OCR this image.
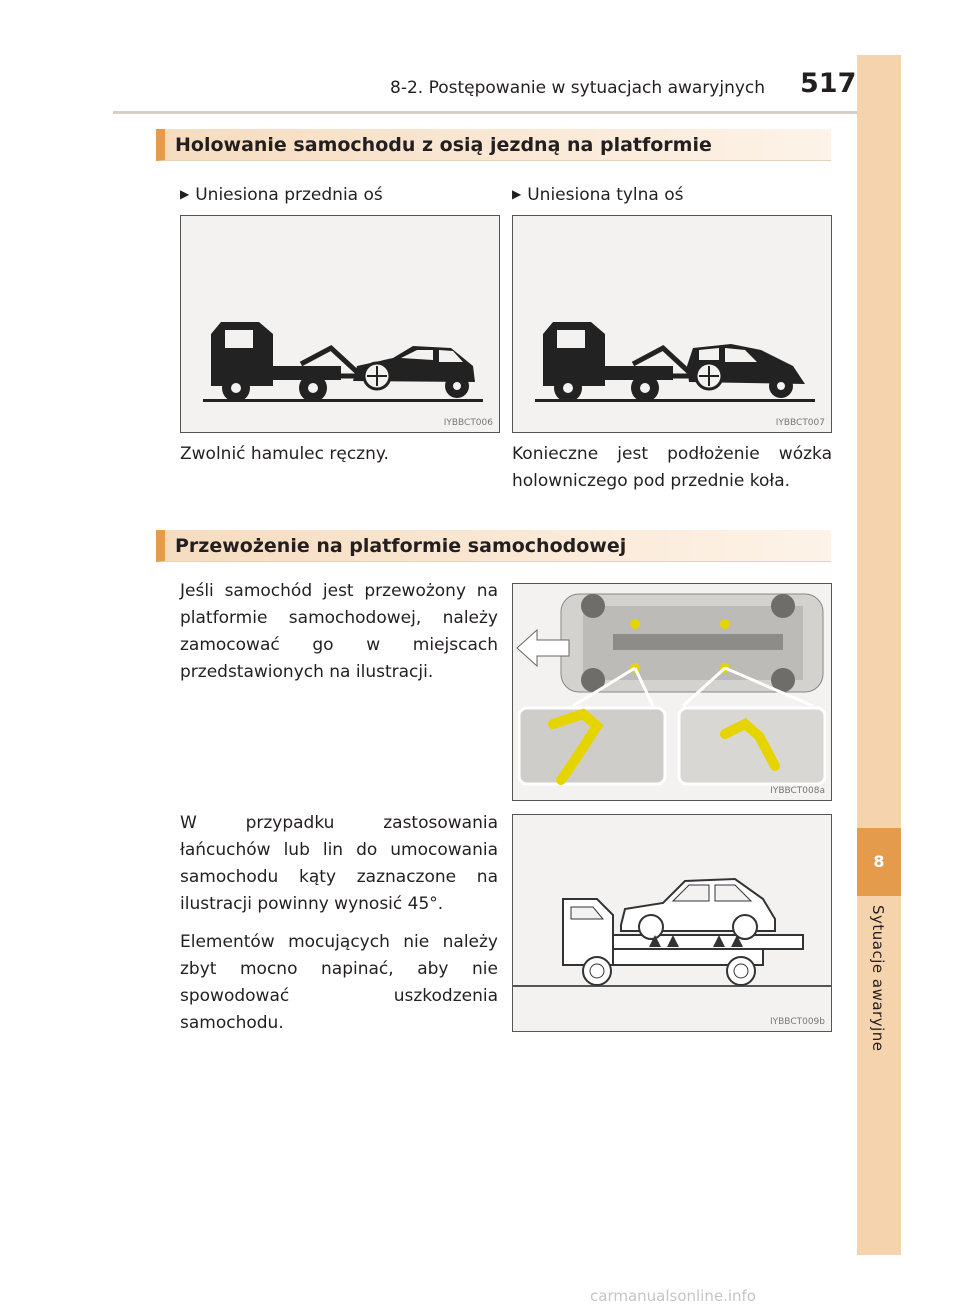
8-2. Postępowanie w sytuacjach awaryjnych 517
8
Sytuacje awaryjne
Holowanie samochodu z osią jezdną na platformie
▶ Uniesiona przednia oś	▶ Uniesiona tylna oś
IYBBCT006	IYBBCT007
Zwolnić hamulec ręczny.	Konieczne jest podłożenie wózka holowniczego pod przednie koła.
Przewożenie na platformie samochodowej
Jeśli samochód jest przewożony na platformie samochodowej, należy zamocować go w miejscach przedstawionych na ilustracji.
IYBBCT008a
W przypadku zastosowania łańcuchów lub lin do umocowania samochodu kąty zaznaczone na ilustracji powinny wynosić 45°.
Elementów mocujących nie należy zbyt mocno napinać, aby nie spowodować uszkodzenia samochodu.	IYBBCT009b
carmanualsonline.info
